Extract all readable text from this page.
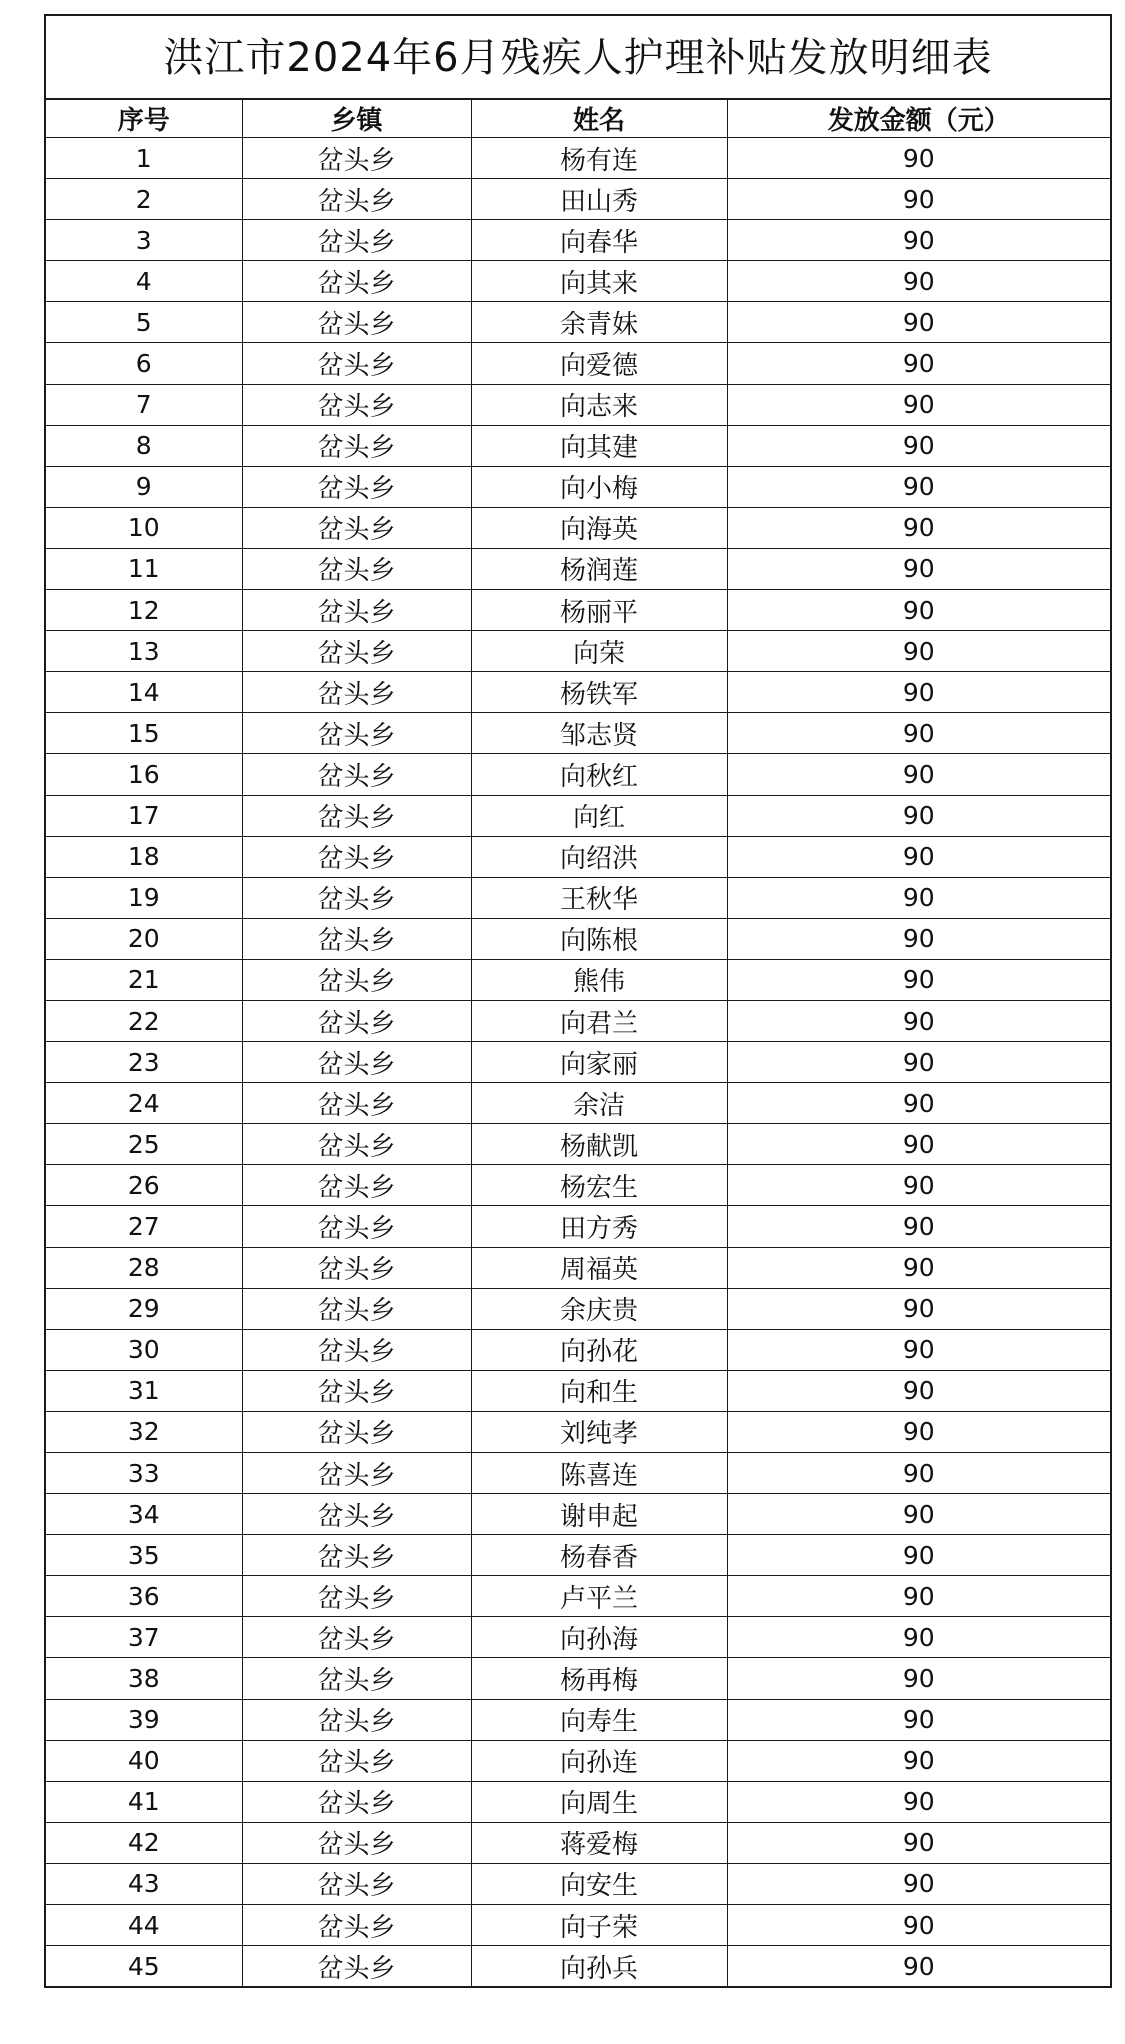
洪江市2024年6月残疾人护理补贴发放明细表
序号	乡镇	姓名	发放金额（元）
1	岔头乡	杨有连	90
2	岔头乡	田山秀	90
3	岔头乡	向春华	90
4	岔头乡	向其来	90
5	岔头乡	余青妹	90
6	岔头乡	向爱德	90
7	岔头乡	向志来	90
8	岔头乡	向其建	90
9	岔头乡	向小梅	90
10	岔头乡	向海英	90
11	岔头乡	杨润莲	90
12	岔头乡	杨丽平	90
13	岔头乡	向荣	90
14	岔头乡	杨铁军	90
15	岔头乡	邹志贤	90
16	岔头乡	向秋红	90
17	岔头乡	向红	90
18	岔头乡	向绍洪	90
19	岔头乡	王秋华	90
20	岔头乡	向陈根	90
21	岔头乡	熊伟	90
22	岔头乡	向君兰	90
23	岔头乡	向家丽	90
24	岔头乡	余洁	90
25	岔头乡	杨献凯	90
26	岔头乡	杨宏生	90
27	岔头乡	田方秀	90
28	岔头乡	周福英	90
29	岔头乡	余庆贵	90
30	岔头乡	向孙花	90
31	岔头乡	向和生	90
32	岔头乡	刘纯孝	90
33	岔头乡	陈喜连	90
34	岔头乡	谢申起	90
35	岔头乡	杨春香	90
36	岔头乡	卢平兰	90
37	岔头乡	向孙海	90
38	岔头乡	杨再梅	90
39	岔头乡	向寿生	90
40	岔头乡	向孙连	90
41	岔头乡	向周生	90
42	岔头乡	蒋爱梅	90
43	岔头乡	向安生	90
44	岔头乡	向子荣	90
45	岔头乡	向孙兵	90
